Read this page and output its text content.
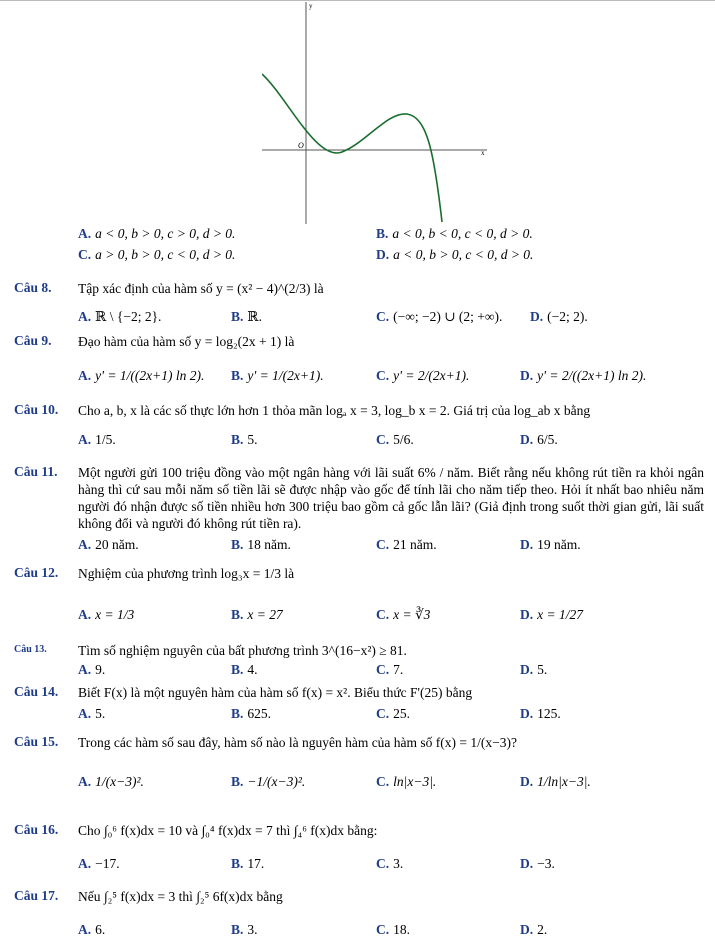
x
y
O
A. a < 0, b > 0, c > 0, d > 0.	B. a < 0, b < 0, c < 0, d > 0.
C. a > 0, b > 0, c < 0, d > 0.	D. a < 0, b > 0, c < 0, d > 0.
Câu 8. Tập xác định của hàm số y = (x² − 4)^(2/3) là
A. ℝ \ {−2; 2}.	B. ℝ.	C. (−∞; −2) ∪ (2; +∞). D. (−2; 2).
Câu 9. Đạo hàm của hàm số y = log₂(2x + 1) là
A. y' = 1/((2x+1) ln 2). B. y' = 1/(2x+1).	C. y' = 2/(2x+1).	D. y' = 2/((2x+1) ln 2).
Câu 10. Cho a, b, x là các số thực lớn hơn 1 thỏa mãn logₐ x = 3, log_b x = 2. Giá trị của log_ab x bằng
A. 1/5.	B. 5.	C. 5/6.	D. 6/5.
Câu 11. Một người gửi 100 triệu đồng vào một ngân hàng với lãi suất 6% / năm. Biết rằng nếu không rút tiền ra khỏi ngân hàng thì cứ sau mỗi năm số tiền lãi sẽ được nhập vào gốc để tính lãi cho năm tiếp theo. Hỏi ít nhất bao nhiêu năm người đó nhận được số tiền nhiều hơn 300 triệu bao gồm cả gốc lẫn lãi? (Giả định trong suốt thời gian gửi, lãi suất không đổi và người đó không rút tiền ra).
A. 20 năm.	B. 18 năm.	C. 21 năm.	D. 19 năm.
Câu 12. Nghiệm của phương trình log₃x = 1/3 là
A. x = 1/3	B. x = 27	C. x = ∛3	D. x = 1/27
Câu 13. Tìm số nghiệm nguyên của bất phương trình 3^(16−x²) ≥ 81.
A. 9.	B. 4.	C. 7.	D. 5.
Câu 14. Biết F(x) là một nguyên hàm của hàm số f(x) = x². Biểu thức F'(25) bằng
A. 5.	B. 625.	C. 25.	D. 125.
Câu 15. Trong các hàm số sau đây, hàm số nào là nguyên hàm của hàm số f(x) = 1/(x−3)?
A. 1/(x−3)².	B. −1/(x−3)².	C. ln|x−3|.	D. 1/ln|x−3|.
Câu 16. Cho ∫₀⁶ f(x)dx = 10 và ∫₀⁴ f(x)dx = 7 thì ∫₄⁶ f(x)dx bằng:
A. −17.	B. 17.	C. 3.	D. −3.
Câu 17. Nếu ∫₂⁵ f(x)dx = 3 thì ∫₂⁵ 6f(x)dx bằng
A. 6.	B. 3.	C. 18.	D. 2.
